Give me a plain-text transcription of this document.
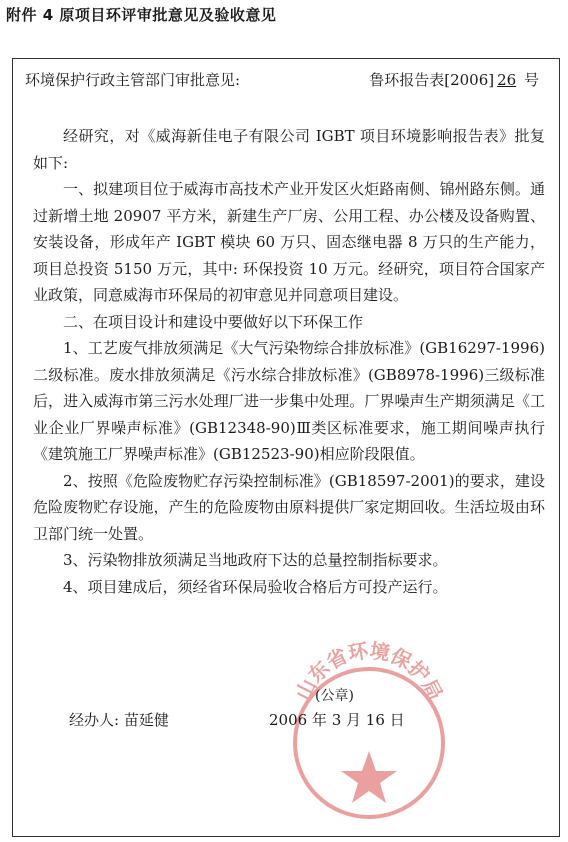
附件 4 原项目环评审批意见及验收意见
环境保护行政主管部门审批意见:	鲁环报告表[2006] 26 号

经研究，对《威海新佳电子有限公司 IGBT 项目环境影响报告表》批复如下:

一、拟建项目位于威海市高技术产业开发区火炬路南侧、锦州路东侧。通过新增土地 20907 平方米，新建生产厂房、公用工程、办公楼及设备购置、安装设备，形成年产 IGBT 模块 60 万只、固态继电器 8 万只的生产能力，项目总投资 5150 万元，其中: 环保投资 10 万元。经研究，项目符合国家产业政策，同意威海市环保局的初审意见并同意项目建设。

二、在项目设计和建设中要做好以下环保工作

1、工艺废气排放须满足《大气污染物综合排放标准》(GB16297-1996)二级标准。废水排放须满足《污水综合排放标准》(GB8978-1996)三级标准后，进入威海市第三污水处理厂进一步集中处理。厂界噪声生产期须满足《工业企业厂界噪声标准》(GB12348-90)Ⅲ类区标准要求，施工期间噪声执行《建筑施工厂界噪声标准》(GB12523-90)相应阶段限值。

2、按照《危险废物贮存污染控制标准》(GB18597-2001)的要求，建设危险废物贮存设施，产生的危险废物由原料提供厂家定期回收。生活垃圾由环卫部门统一处置。

3、污染物排放须满足当地政府下达的总量控制指标要求。

4、项目建成后，须经省环保局验收合格后方可投产运行。

山东省环境保护局
(公章)
经办人: 苗延健	2006 年 3 月 16 日
